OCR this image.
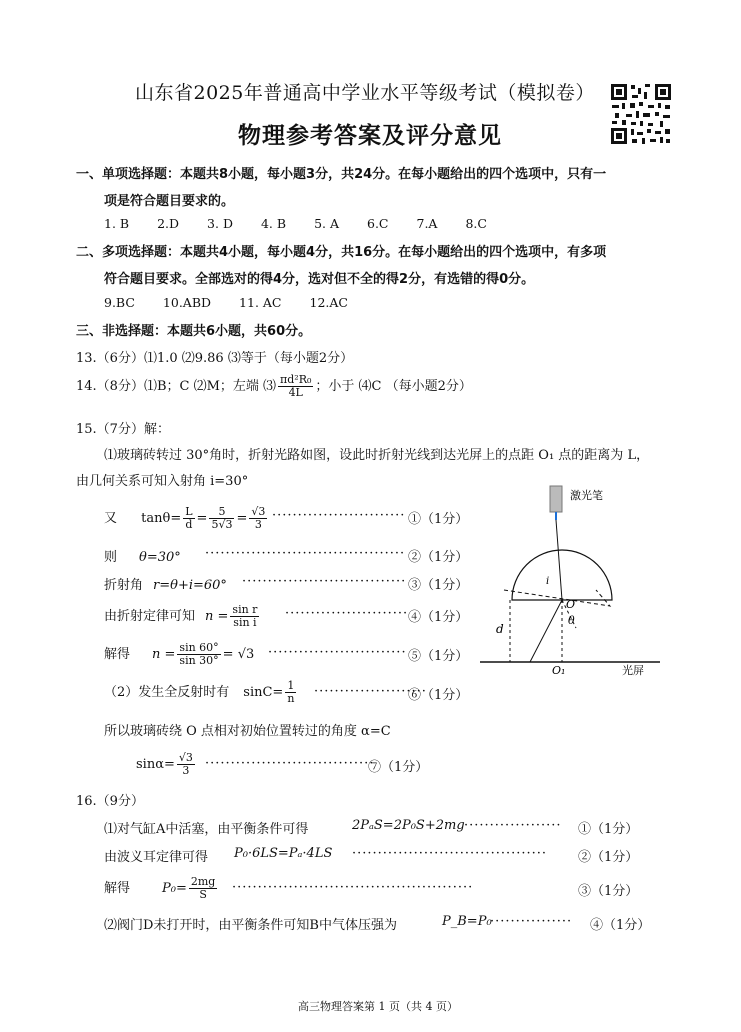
山东省2025年普通高中学业水平等级考试（模拟卷）
物理参考答案及评分意见
一、单项选择题：本题共8小题，每小题3分，共24分。在每小题给出的四个选项中，只有一
项是符合题目要求的。
1. B 2.D 3. D 4. B 5. A 6.C 7.A 8.C
二、多项选择题：本题共4小题，每小题4分，共16分。在每小题给出的四个选项中，有多项
符合题目要求。全部选对的得4分，选对但不全的得2分，有选错的得0分。
9.BC 10.ABD 11. AC 12.AC
三、非选择题：本题共6小题，共60分。
13.（6分）⑴1.0 ⑵9.86 ⑶等于（每小题2分）
14.（8分）⑴B；C ⑵M；左端 ⑶ $\frac{\text{πd²R₀}}{4L}$ ；小于 ⑷C （每小题2分）
15.（7分）解：
⑴玻璃砖转过 30°角时，折射光路如图，设此时折射光线到达光屏上的点距 O₁ 点的距离为 L，
由几何关系可知入射角 i=30°
又 $\tan\theta= \frac{L}{d} = \frac{5}{5√3} = \frac{√3}{3}$ ·························· ①（1分）
则 θ=30° ······································· ②（1分）
折射角 r=θ+i=60° ································ ③（1分）
由折射定律可知 $n = \frac{\text{sin r}}{\text{sin i}}$ ························ ④（1分）
解得 $n = \frac{\sin 60^\circ}{\sin 30^\circ} = √3$ ··························· ⑤（1分）
（2）发生全反射时有 $\sin C= \frac{1}{n}$ ······················
⑥（1分）
所以玻璃砖绕 O 点相对初始位置转过的角度 α=C
$\sin\alpha= \frac{√3}{3}$ ·································
⑦（1分）
激光笔
d
O
O₁
i
θ
光屏
16.（9分）
⑴对气缸A中活塞，由平衡条件可得	2PₐS=2P₀S+2mg ··················· ①（1分）
由波义耳定律可得 P₀·6LS=Pₐ·4LS ······································ ②（1分）
解得 $P_0= \frac{2mg}{S}$ ···············································	③（1分）
⑵阀门D未打开时，由平衡条件可知B中气体压强为	P_B=P₀
················ ④（1分）
高三物理答案第 1 页（共 4 页）
